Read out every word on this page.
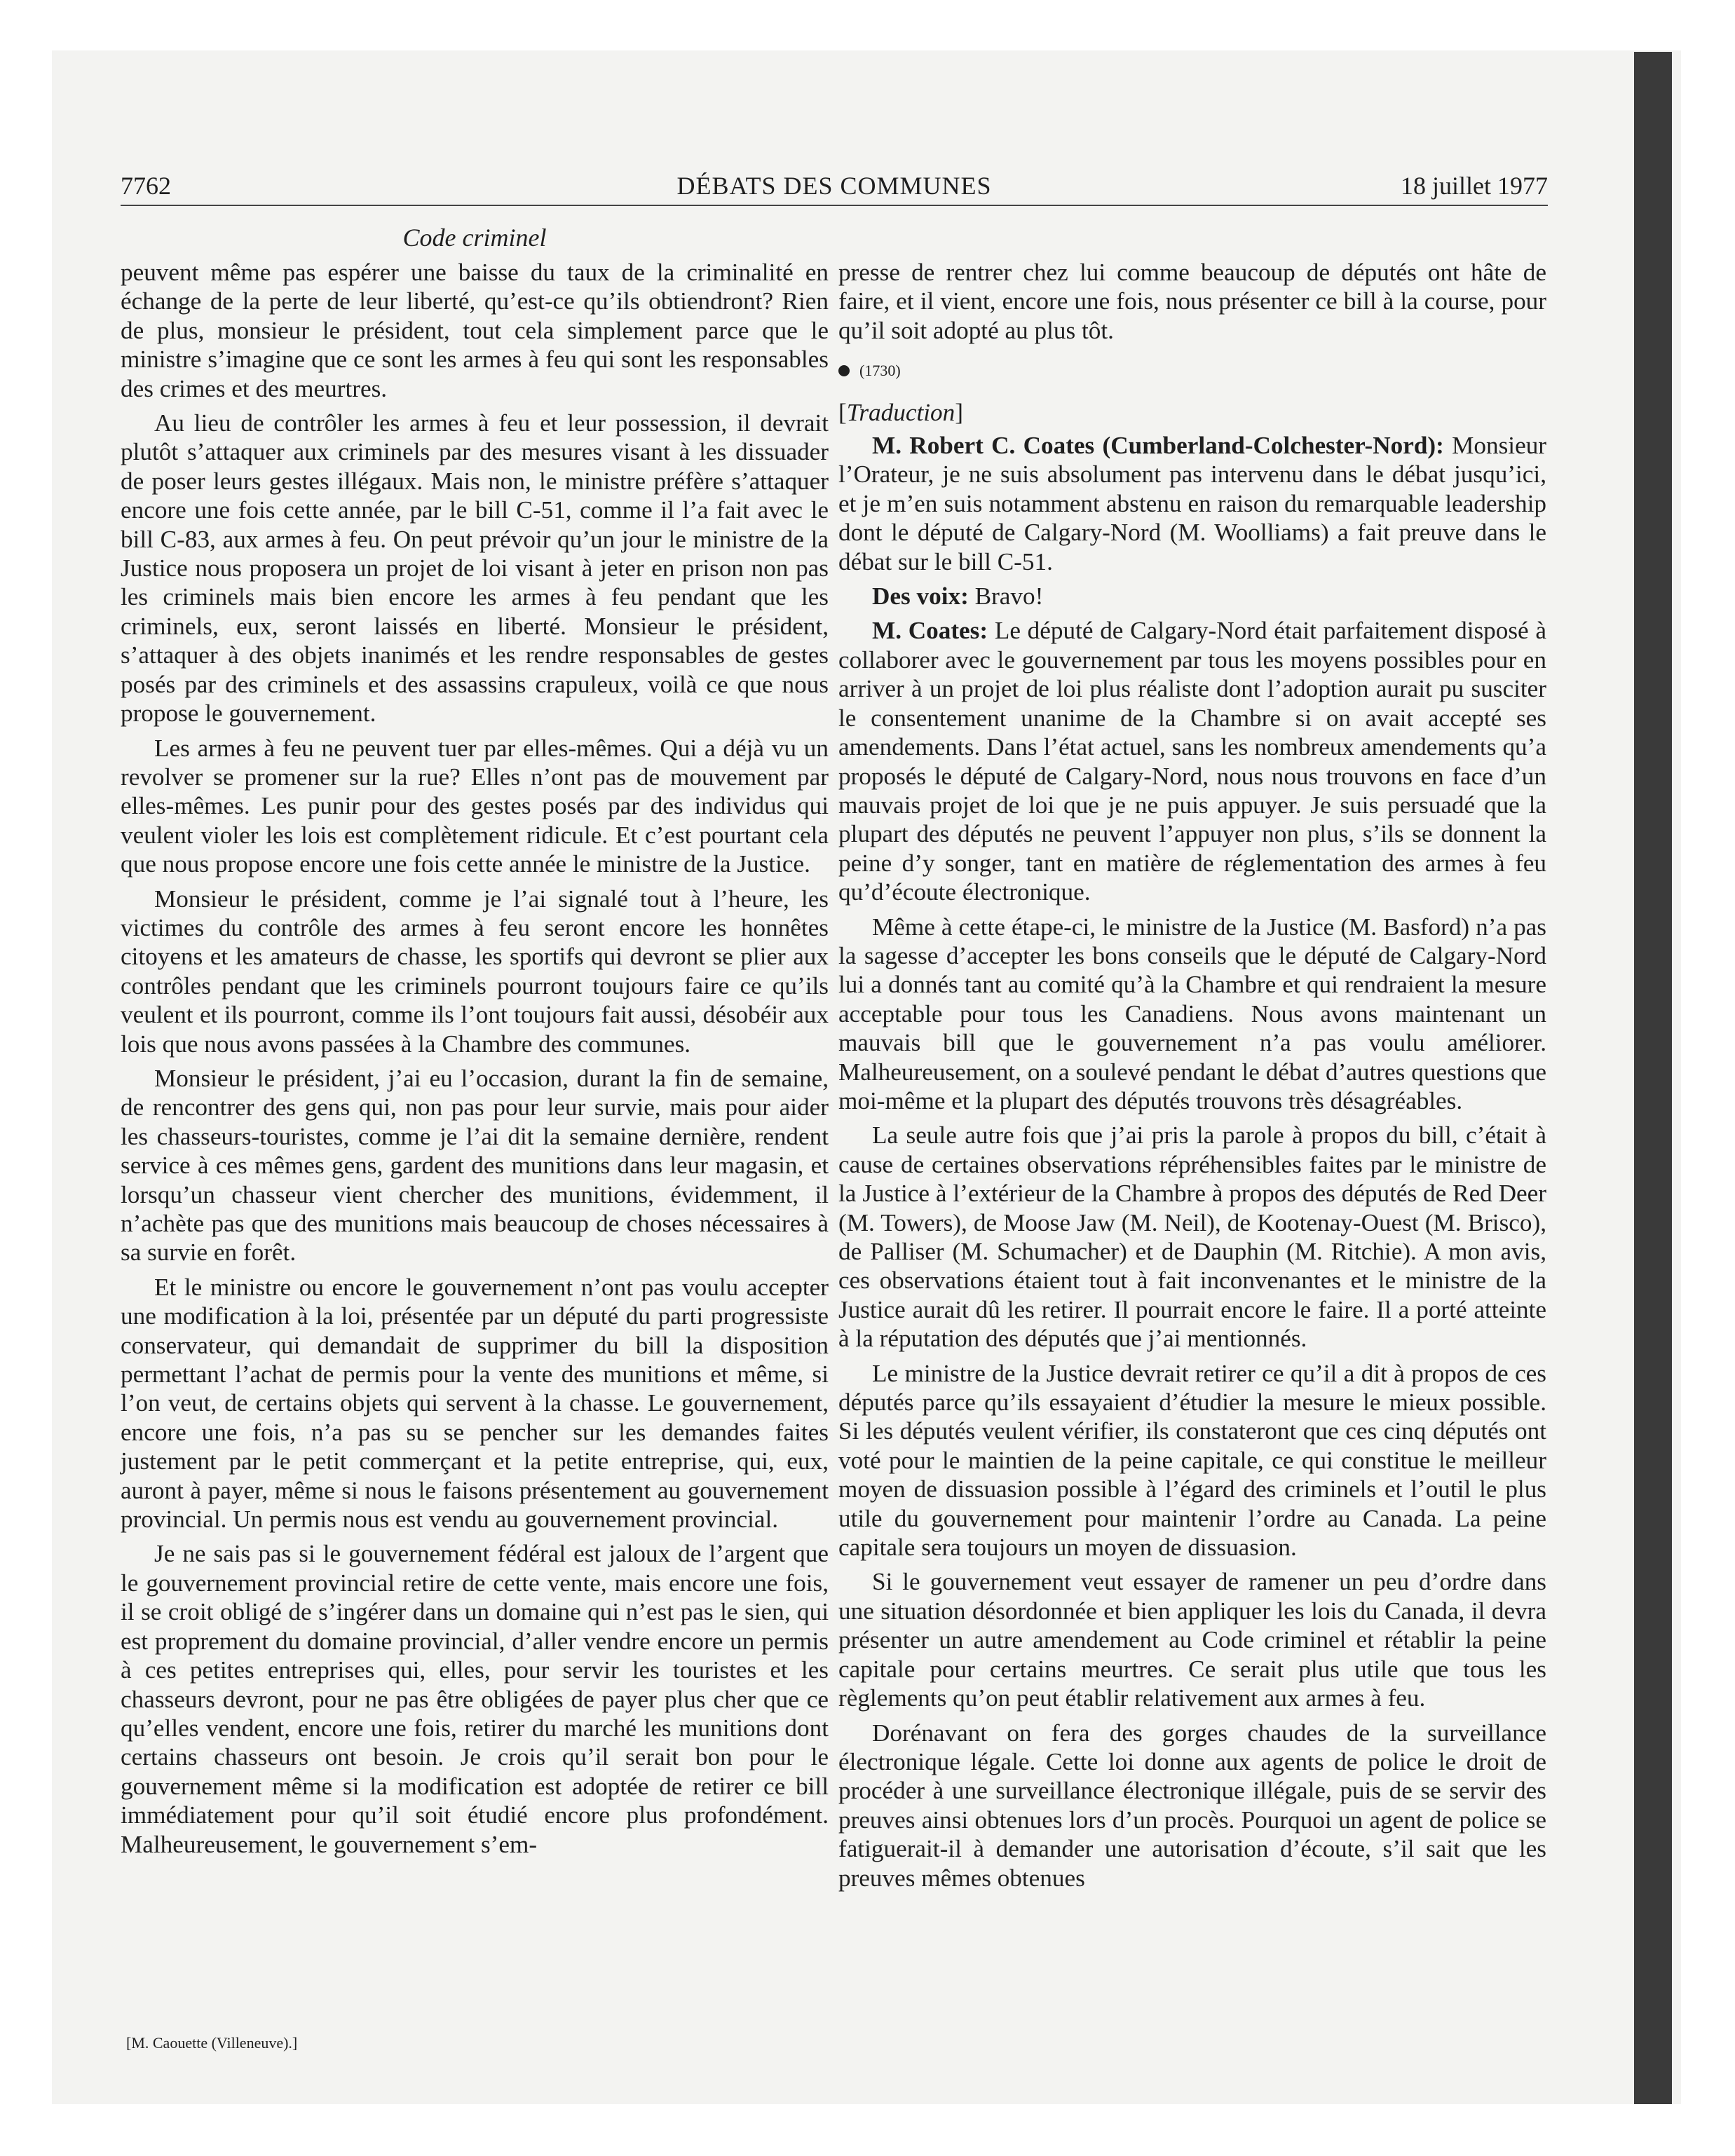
7762	DÉBATS DES COMMUNES	18 juillet 1977
Code criminel

peuvent même pas espérer une baisse du taux de la criminalité en échange de la perte de leur liberté, qu’est-ce qu’ils obtiendront? Rien de plus, monsieur le président, tout cela simplement parce que le ministre s’imagine que ce sont les armes à feu qui sont les responsables des crimes et des meurtres.

Au lieu de contrôler les armes à feu et leur possession, il devrait plutôt s’attaquer aux criminels par des mesures visant à les dissuader de poser leurs gestes illégaux. Mais non, le ministre préfère s’attaquer encore une fois cette année, par le bill C-51, comme il l’a fait avec le bill C-83, aux armes à feu. On peut prévoir qu’un jour le ministre de la Justice nous proposera un projet de loi visant à jeter en prison non pas les criminels mais bien encore les armes à feu pendant que les criminels, eux, seront laissés en liberté. Monsieur le président, s’attaquer à des objets inanimés et les rendre responsables de gestes posés par des criminels et des assassins crapuleux, voilà ce que nous propose le gouvernement.

Les armes à feu ne peuvent tuer par elles-mêmes. Qui a déjà vu un revolver se promener sur la rue? Elles n’ont pas de mouvement par elles-mêmes. Les punir pour des gestes posés par des individus qui veulent violer les lois est complètement ridicule. Et c’est pourtant cela que nous propose encore une fois cette année le ministre de la Justice.

Monsieur le président, comme je l’ai signalé tout à l’heure, les victimes du contrôle des armes à feu seront encore les honnêtes citoyens et les amateurs de chasse, les sportifs qui devront se plier aux contrôles pendant que les criminels pourront toujours faire ce qu’ils veulent et ils pourront, comme ils l’ont toujours fait aussi, désobéir aux lois que nous avons passées à la Chambre des communes.

Monsieur le président, j’ai eu l’occasion, durant la fin de semaine, de rencontrer des gens qui, non pas pour leur survie, mais pour aider les chasseurs-touristes, comme je l’ai dit la semaine dernière, rendent service à ces mêmes gens, gardent des munitions dans leur magasin, et lorsqu’un chasseur vient chercher des munitions, évidemment, il n’achète pas que des munitions mais beaucoup de choses nécessaires à sa survie en forêt.

Et le ministre ou encore le gouvernement n’ont pas voulu accepter une modification à la loi, présentée par un député du parti progressiste conservateur, qui demandait de supprimer du bill la disposition permettant l’achat de permis pour la vente des munitions et même, si l’on veut, de certains objets qui servent à la chasse. Le gouvernement, encore une fois, n’a pas su se pencher sur les demandes faites justement par le petit commerçant et la petite entreprise, qui, eux, auront à payer, même si nous le faisons présentement au gouvernement provincial. Un permis nous est vendu au gouvernement provincial.

Je ne sais pas si le gouvernement fédéral est jaloux de l’argent que le gouvernement provincial retire de cette vente, mais encore une fois, il se croit obligé de s’ingérer dans un domaine qui n’est pas le sien, qui est proprement du domaine provincial, d’aller vendre encore un permis à ces petites entreprises qui, elles, pour servir les touristes et les chasseurs devront, pour ne pas être obligées de payer plus cher que ce qu’elles vendent, encore une fois, retirer du marché les munitions dont certains chasseurs ont besoin. Je crois qu’il serait bon pour le gouvernement même si la modification est adoptée de retirer ce bill immédiatement pour qu’il soit étudié encore plus profondément. Malheureusement, le gouvernement s’em-

presse de rentrer chez lui comme beaucoup de députés ont hâte de faire, et il vient, encore une fois, nous présenter ce bill à la course, pour qu’il soit adopté au plus tôt.

(1730)

[Traduction]

M. Robert C. Coates (Cumberland-Colchester-Nord): Monsieur l’Orateur, je ne suis absolument pas intervenu dans le débat jusqu’ici, et je m’en suis notamment abstenu en raison du remarquable leadership dont le député de Calgary-Nord (M. Woolliams) a fait preuve dans le débat sur le bill C-51.

Des voix: Bravo!

M. Coates: Le député de Calgary-Nord était parfaitement disposé à collaborer avec le gouvernement par tous les moyens possibles pour en arriver à un projet de loi plus réaliste dont l’adoption aurait pu susciter le consentement unanime de la Chambre si on avait accepté ses amendements. Dans l’état actuel, sans les nombreux amendements qu’a proposés le député de Calgary-Nord, nous nous trouvons en face d’un mauvais projet de loi que je ne puis appuyer. Je suis persuadé que la plupart des députés ne peuvent l’appuyer non plus, s’ils se donnent la peine d’y songer, tant en matière de réglementation des armes à feu qu’d’écoute électronique.

Même à cette étape-ci, le ministre de la Justice (M. Basford) n’a pas la sagesse d’accepter les bons conseils que le député de Calgary-Nord lui a donnés tant au comité qu’à la Chambre et qui rendraient la mesure acceptable pour tous les Canadiens. Nous avons maintenant un mauvais bill que le gouvernement n’a pas voulu améliorer. Malheureusement, on a soulevé pendant le débat d’autres questions que moi-même et la plupart des députés trouvons très désagréables.

La seule autre fois que j’ai pris la parole à propos du bill, c’était à cause de certaines observations répréhensibles faites par le ministre de la Justice à l’extérieur de la Chambre à propos des députés de Red Deer (M. Towers), de Moose Jaw (M. Neil), de Kootenay-Ouest (M. Brisco), de Palliser (M. Schumacher) et de Dauphin (M. Ritchie). A mon avis, ces observations étaient tout à fait inconvenantes et le ministre de la Justice aurait dû les retirer. Il pourrait encore le faire. Il a porté atteinte à la réputation des députés que j’ai mentionnés.

Le ministre de la Justice devrait retirer ce qu’il a dit à propos de ces députés parce qu’ils essayaient d’étudier la mesure le mieux possible. Si les députés veulent vérifier, ils constateront que ces cinq députés ont voté pour le maintien de la peine capitale, ce qui constitue le meilleur moyen de dissuasion possible à l’égard des criminels et l’outil le plus utile du gouvernement pour maintenir l’ordre au Canada. La peine capitale sera toujours un moyen de dissuasion.

Si le gouvernement veut essayer de ramener un peu d’ordre dans une situation désordonnée et bien appliquer les lois du Canada, il devra présenter un autre amendement au Code criminel et rétablir la peine capitale pour certains meurtres. Ce serait plus utile que tous les règlements qu’on peut établir relativement aux armes à feu.

Dorénavant on fera des gorges chaudes de la surveillance électronique légale. Cette loi donne aux agents de police le droit de procéder à une surveillance électronique illégale, puis de se servir des preuves ainsi obtenues lors d’un procès. Pourquoi un agent de police se fatiguerait-il à demander une autorisation d’écoute, s’il sait que les preuves mêmes obtenues

[M. Caouette (Villeneuve).]
